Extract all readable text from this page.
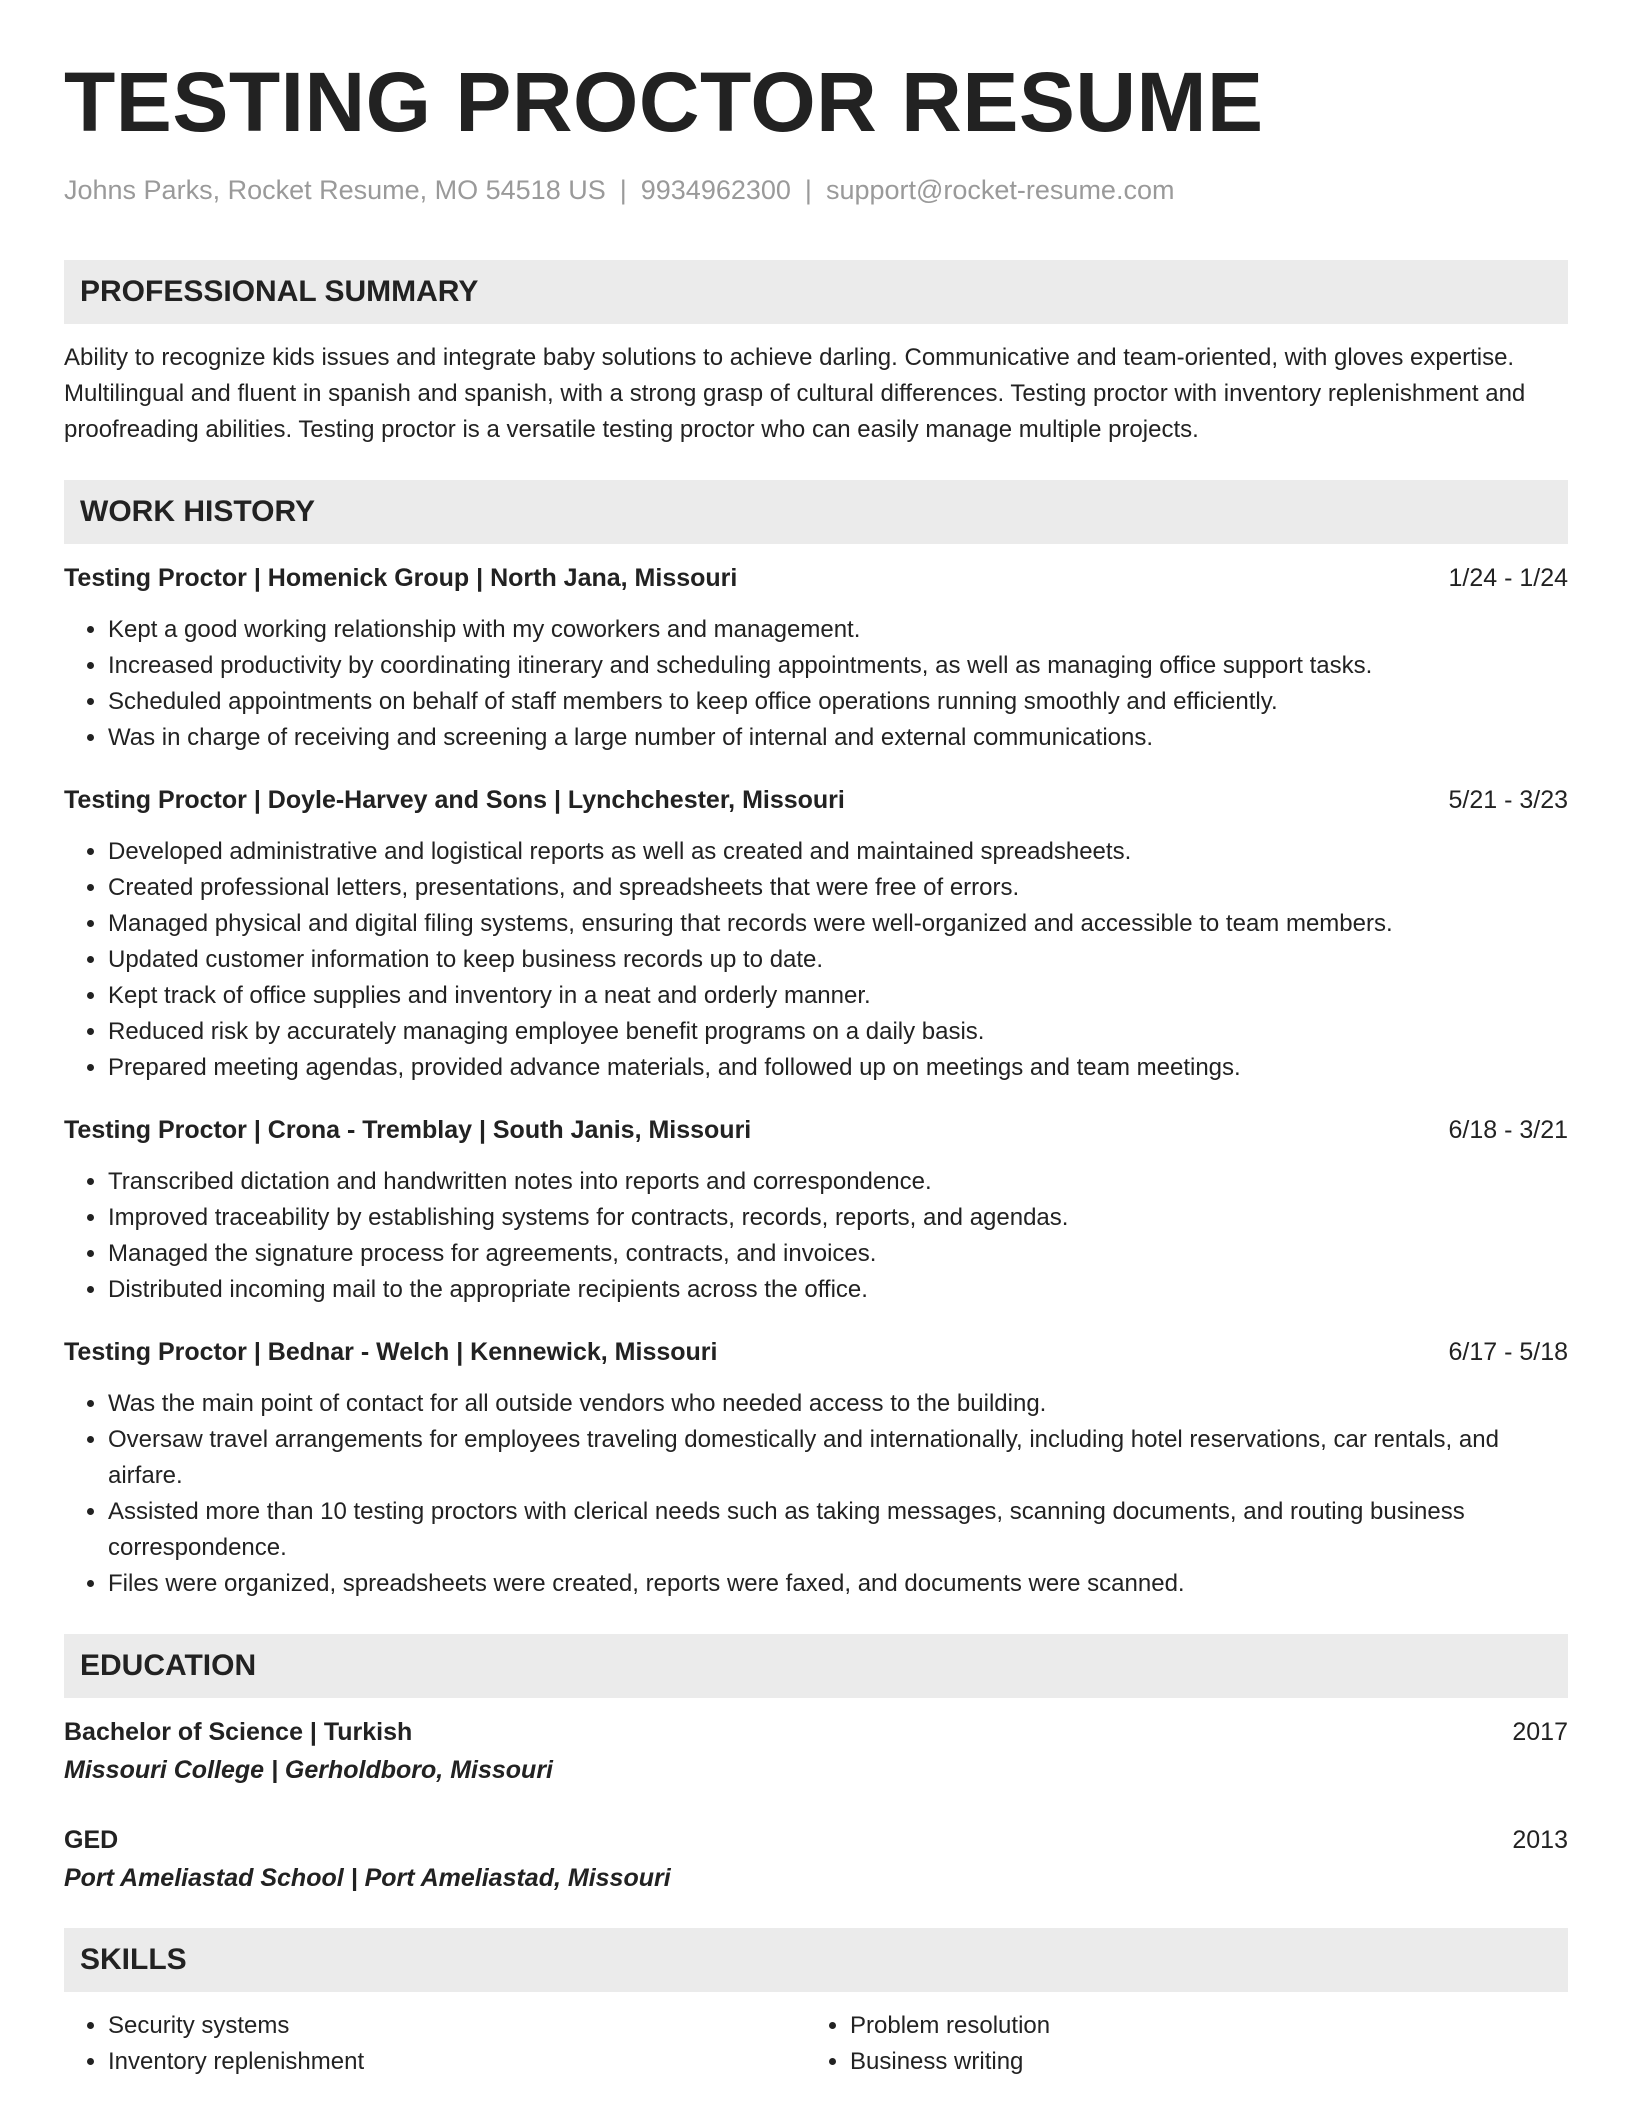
TESTING PROCTOR RESUME
Johns Parks, Rocket Resume, MO 54518 US | 9934962300 | support@rocket-resume.com
PROFESSIONAL SUMMARY

Ability to recognize kids issues and integrate baby solutions to achieve darling. Communicative and team-oriented, with gloves expertise. Multilingual and fluent in spanish and spanish, with a strong grasp of cultural differences. Testing proctor with inventory replenishment and proofreading abilities. Testing proctor is a versatile testing proctor who can easily manage multiple projects.

WORK HISTORY
Testing Proctor | Homenick Group | North Jana, Missouri	1/24 - 1/24
• Kept a good working relationship with my coworkers and management.
• Increased productivity by coordinating itinerary and scheduling appointments, as well as managing office support tasks.
• Scheduled appointments on behalf of staff members to keep office operations running smoothly and efficiently.
• Was in charge of receiving and screening a large number of internal and external communications.
Testing Proctor | Doyle-Harvey and Sons | Lynchchester, Missouri	5/21 - 3/23
• Developed administrative and logistical reports as well as created and maintained spreadsheets.
• Created professional letters, presentations, and spreadsheets that were free of errors.
• Managed physical and digital filing systems, ensuring that records were well-organized and accessible to team members.
• Updated customer information to keep business records up to date.
• Kept track of office supplies and inventory in a neat and orderly manner.
• Reduced risk by accurately managing employee benefit programs on a daily basis.
• Prepared meeting agendas, provided advance materials, and followed up on meetings and team meetings.
Testing Proctor | Crona - Tremblay | South Janis, Missouri	6/18 - 3/21
• Transcribed dictation and handwritten notes into reports and correspondence.
• Improved traceability by establishing systems for contracts, records, reports, and agendas.
• Managed the signature process for agreements, contracts, and invoices.
• Distributed incoming mail to the appropriate recipients across the office.
Testing Proctor | Bednar - Welch | Kennewick, Missouri	6/17 - 5/18
• Was the main point of contact for all outside vendors who needed access to the building.
• Oversaw travel arrangements for employees traveling domestically and internationally, including hotel reservations, car rentals, and airfare.
• Assisted more than 10 testing proctors with clerical needs such as taking messages, scanning documents, and routing business correspondence.
• Files were organized, spreadsheets were created, reports were faxed, and documents were scanned.
EDUCATION
Bachelor of Science | Turkish	2017
Missouri College | Gerholdboro, Missouri
GED	2013
Port Ameliastad School | Port Ameliastad, Missouri
SKILLS
• Security systems
• Inventory replenishment
• Problem resolution
• Business writing
